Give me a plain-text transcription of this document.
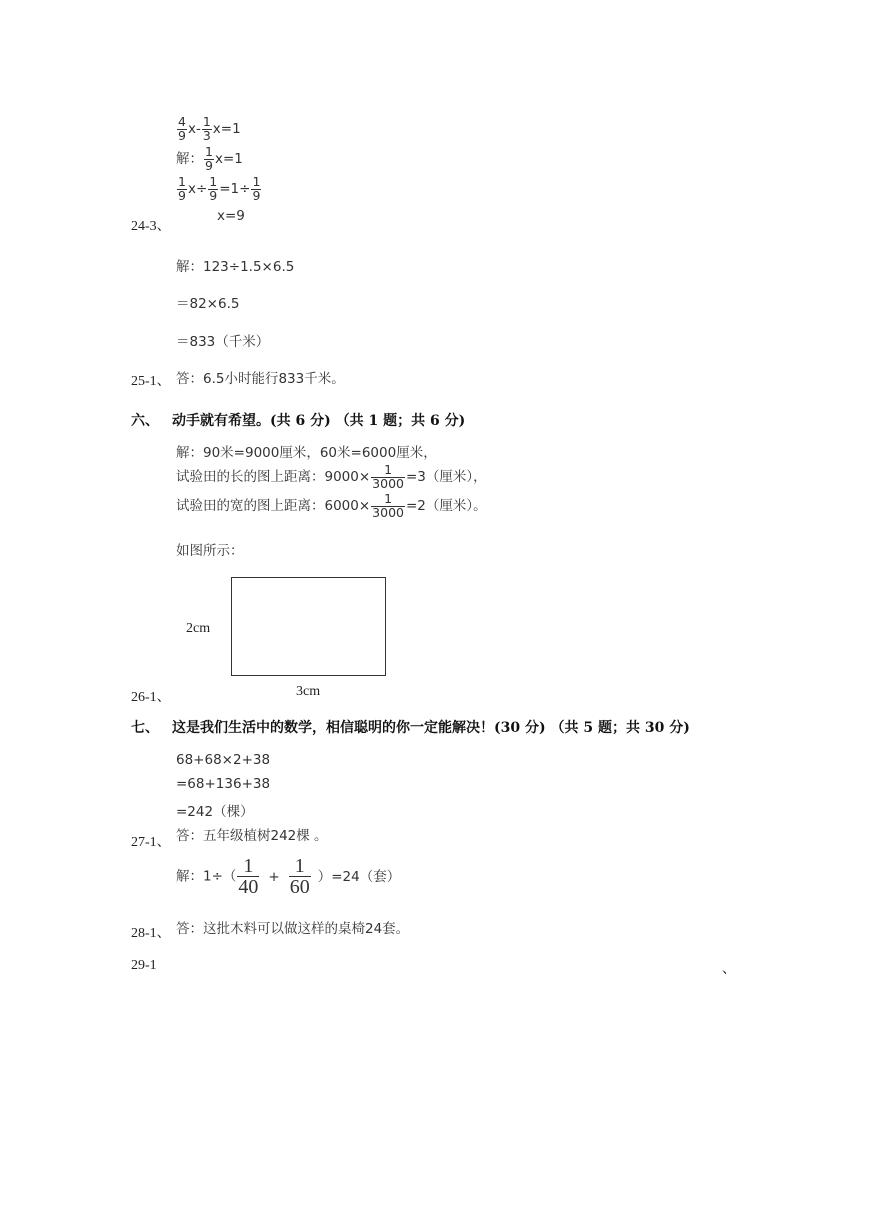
$\frac{4}{9} x- \frac{1}{3} x=1$
解： $\frac{1}{9} x=1$
$\frac{1}{9} x\div \frac{1}{9} =1\div \frac{1}{9}$
x=9
24-3、
解：123÷1.5×6.5
＝82×6.5
＝833（千米）
25-1、 答：6.5小时能行833千米。
六、 动手就有希望。(共 6 分) （共 1 题；共 6 分)
解：90米=9000厘米，60米=6000厘米，
试验田的长的图上距离：$9000\times \frac{1}{3000} =3$（厘米），
试验田的宽的图上距离：$6000\times \frac{1}{3000} =2$（厘米）。
如图所示：
2cm
3cm
26-1、
七、 这是我们生活中的数学，相信聪明的你一定能解决！(30 分) （共 5 题；共 30 分)
68+68×2+38
=68+136+38
=242（棵）
27-1、 答：五年级植树242棵 。
解：$1\div( \frac{1}{40} + \frac{1}{60} )=24$（套）
28-1、 答：这批木料可以做这样的桌椅24套。
29-1	、
